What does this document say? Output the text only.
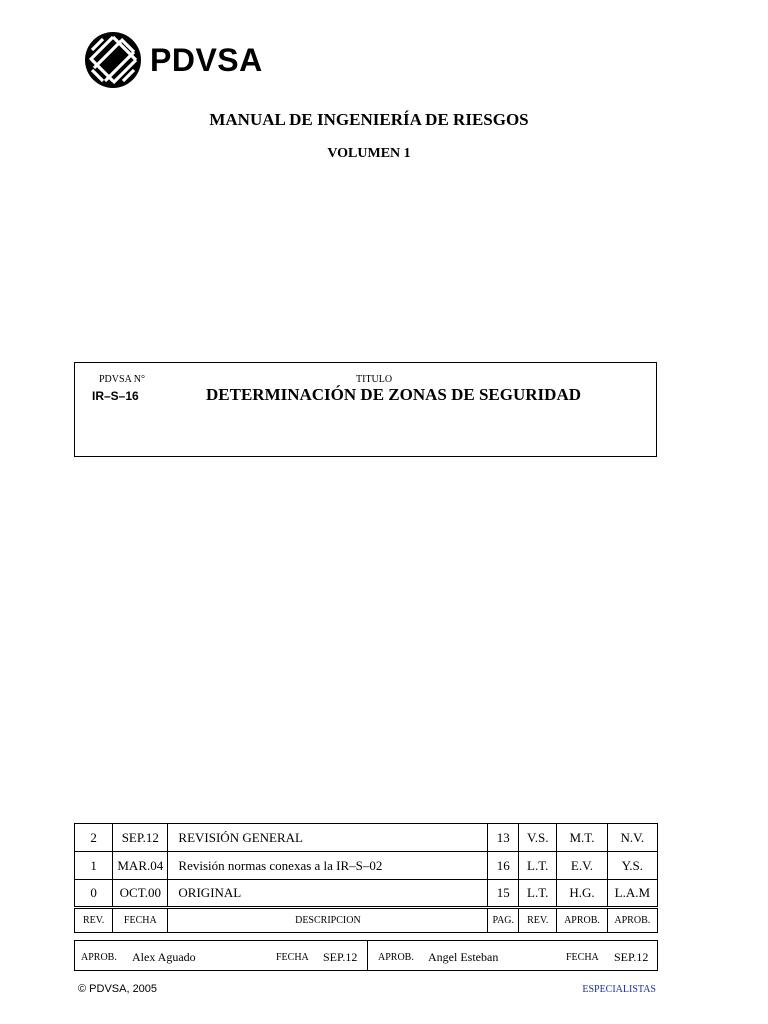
PDVSA
MANUAL DE INGENIERÍA DE RIESGOS
VOLUMEN 1
PDVSA N°
IR–S–16
TITULO
DETERMINACIÓN DE ZONAS DE SEGURIDAD
2	SEP.12	REVISIÓN GENERAL	13	V.S.	M.T.	N.V.
1	MAR.04	Revisión normas conexas a la IR–S–02	16	L.T.	E.V.	Y.S.
0	OCT.00	ORIGINAL	15	L.T.	H.G.	L.A.M
REV.	FECHA	DESCRIPCION	PAG.	REV.	APROB.	APROB.
APROB. Alex Aguado	FECHA SEP.12 APROB. Angel Esteban	FECHA SEP.12
© PDVSA, 2005	ESPECIALISTAS
